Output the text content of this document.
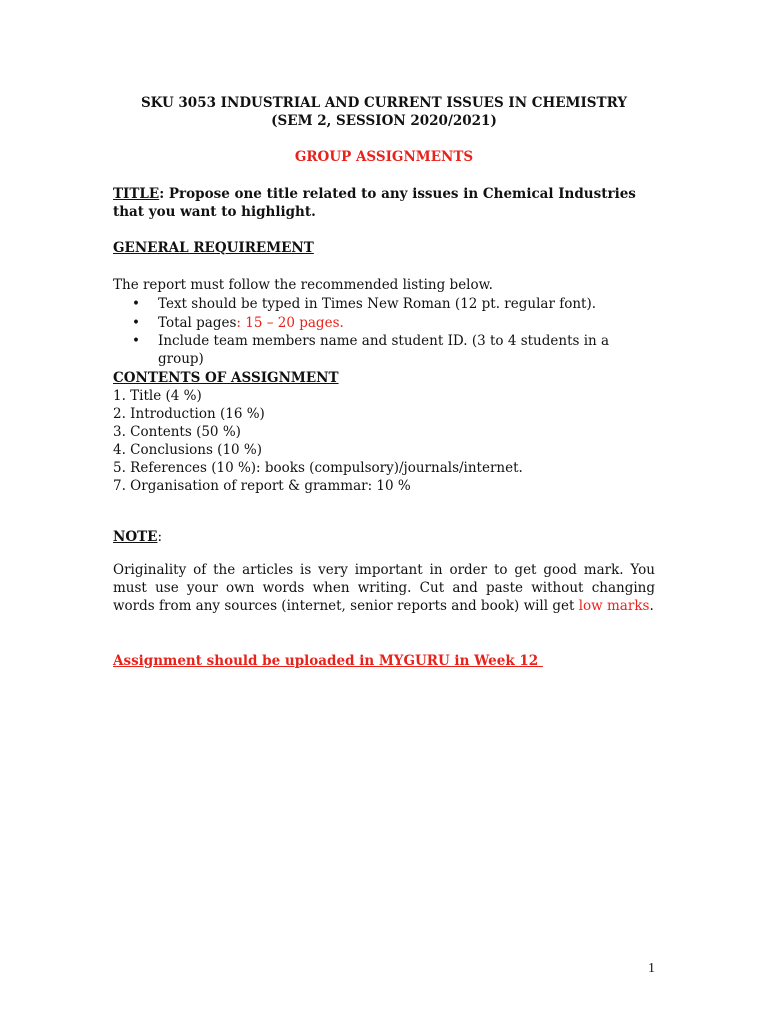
SKU 3053 INDUSTRIAL AND CURRENT ISSUES IN CHEMISTRY
(SEM 2, SESSION 2020/2021)
GROUP ASSIGNMENTS
TITLE: Propose one title related to any issues in Chemical Industries that you want to highlight.
GENERAL REQUIREMENT
The report must follow the recommended listing below.
• Text should be typed in Times New Roman (12 pt. regular font).
• Total pages: 15 – 20 pages.
• Include team members name and student ID. (3 to 4 students in a group)
CONTENTS OF ASSIGNMENT
1. Title (4 %)
2. Introduction (16 %)
3. Contents (50 %)
4. Conclusions (10 %)
5. References (10 %): books (compulsory)/journals/internet.
7. Organisation of report & grammar: 10 %
NOTE:
Originality of the articles is very important in order to get good mark. You must use your own words when writing. Cut and paste without changing words from any sources (internet, senior reports and book) will get low marks.
Assignment should be uploaded in MYGURU in Week 12
1
